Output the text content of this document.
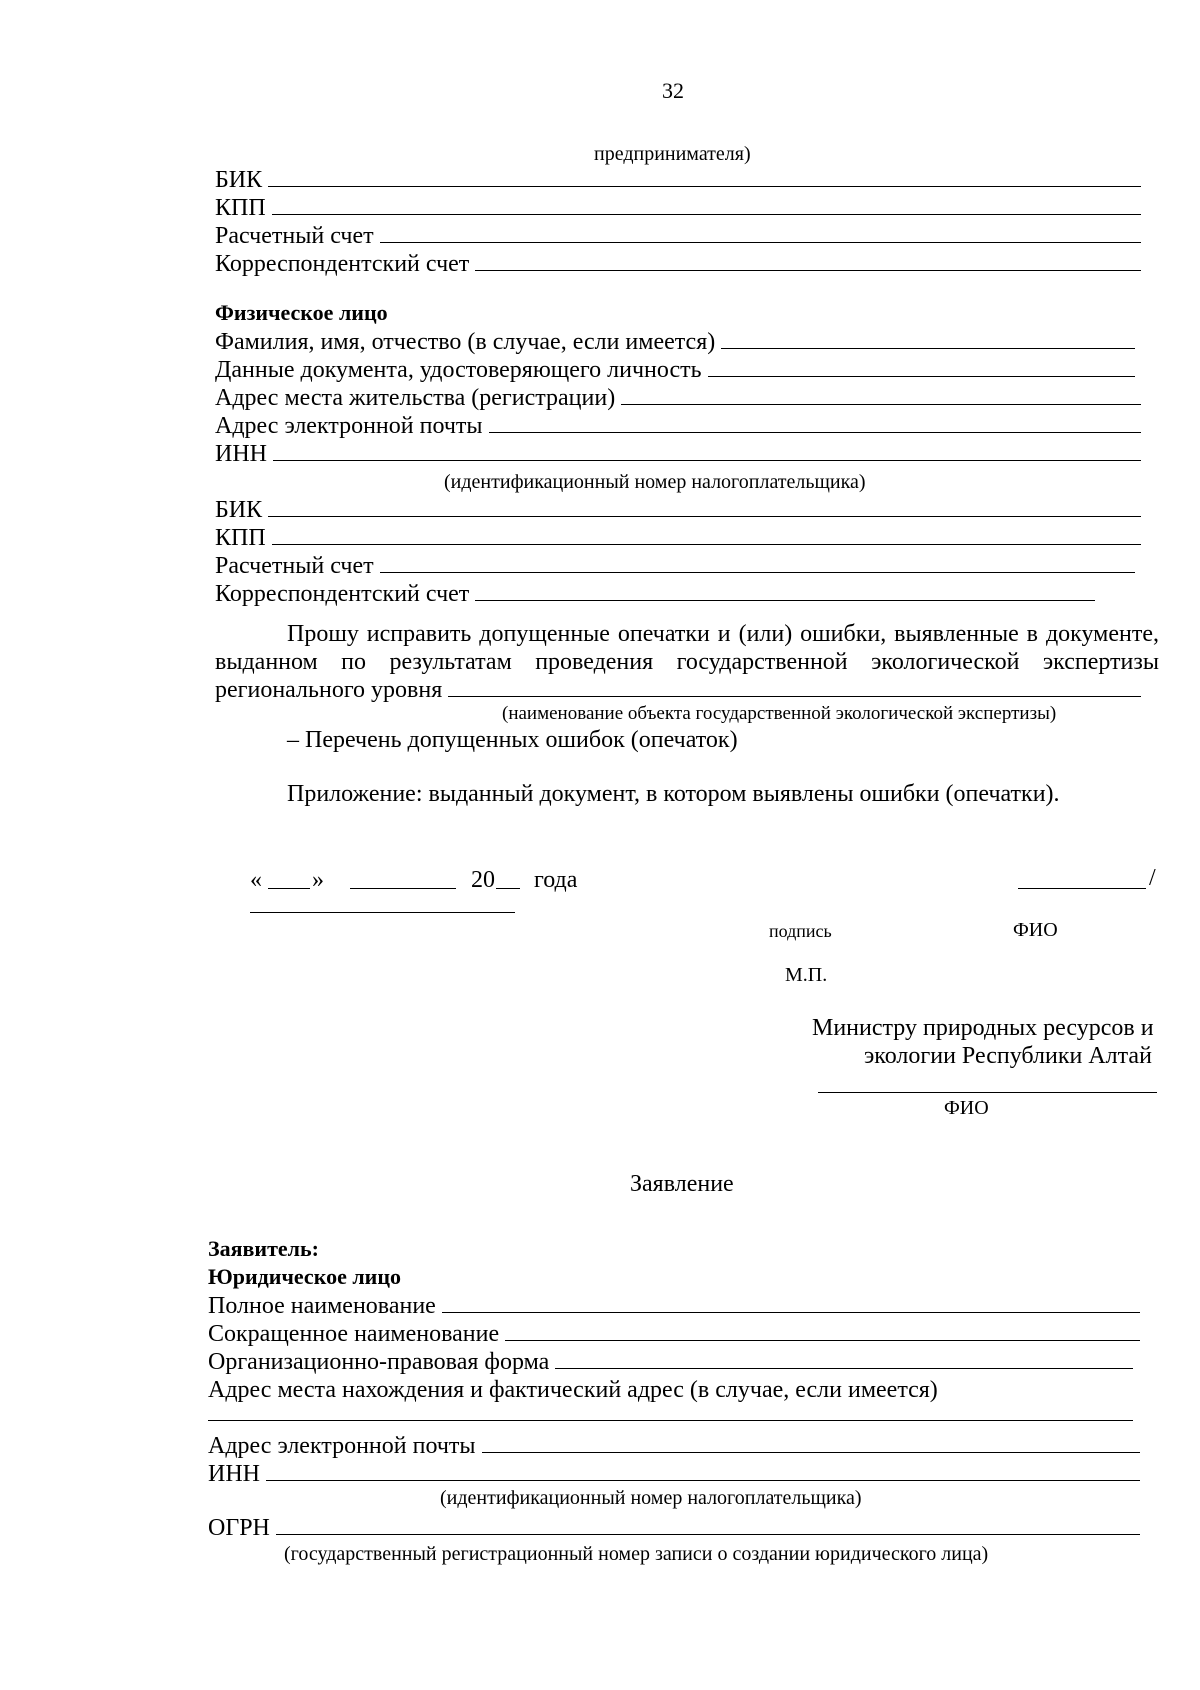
32
предпринимателя)
БИК
КПП
Расчетный счет
Корреспондентский счет
Физическое лицо
Фамилия, имя, отчество (в случае, если имеется)
Данные документа, удостоверяющего личность
Адрес места жительства (регистрации)
Адрес электронной почты
ИНН
(идентификационный номер налогоплательщика)
БИК
КПП
Расчетный счет
Корреспондентский счет
Прошу исправить допущенные опечатки и (или) ошибки, выявленные в документе,
выданном по результатам проведения государственной экологической экспертизы
регионального уровня
(наименование объекта государственной экологической экспертизы)
– Перечень допущенных ошибок (опечаток)
Приложение: выданный документ, в котором выявлены ошибки (опечатки).
« »	20 года	/
подпись	ФИО
М.П.
Министру природных ресурсов и
экологии Республики Алтай
ФИО
Заявление
Заявитель:
Юридическое лицо
Полное наименование
Сокращенное наименование
Организационно-правовая форма
Адрес места нахождения и фактический адрес (в случае, если имеется)
Адрес электронной почты
ИНН
(идентификационный номер налогоплательщика)
ОГРН
(государственный регистрационный номер записи о создании юридического лица)
